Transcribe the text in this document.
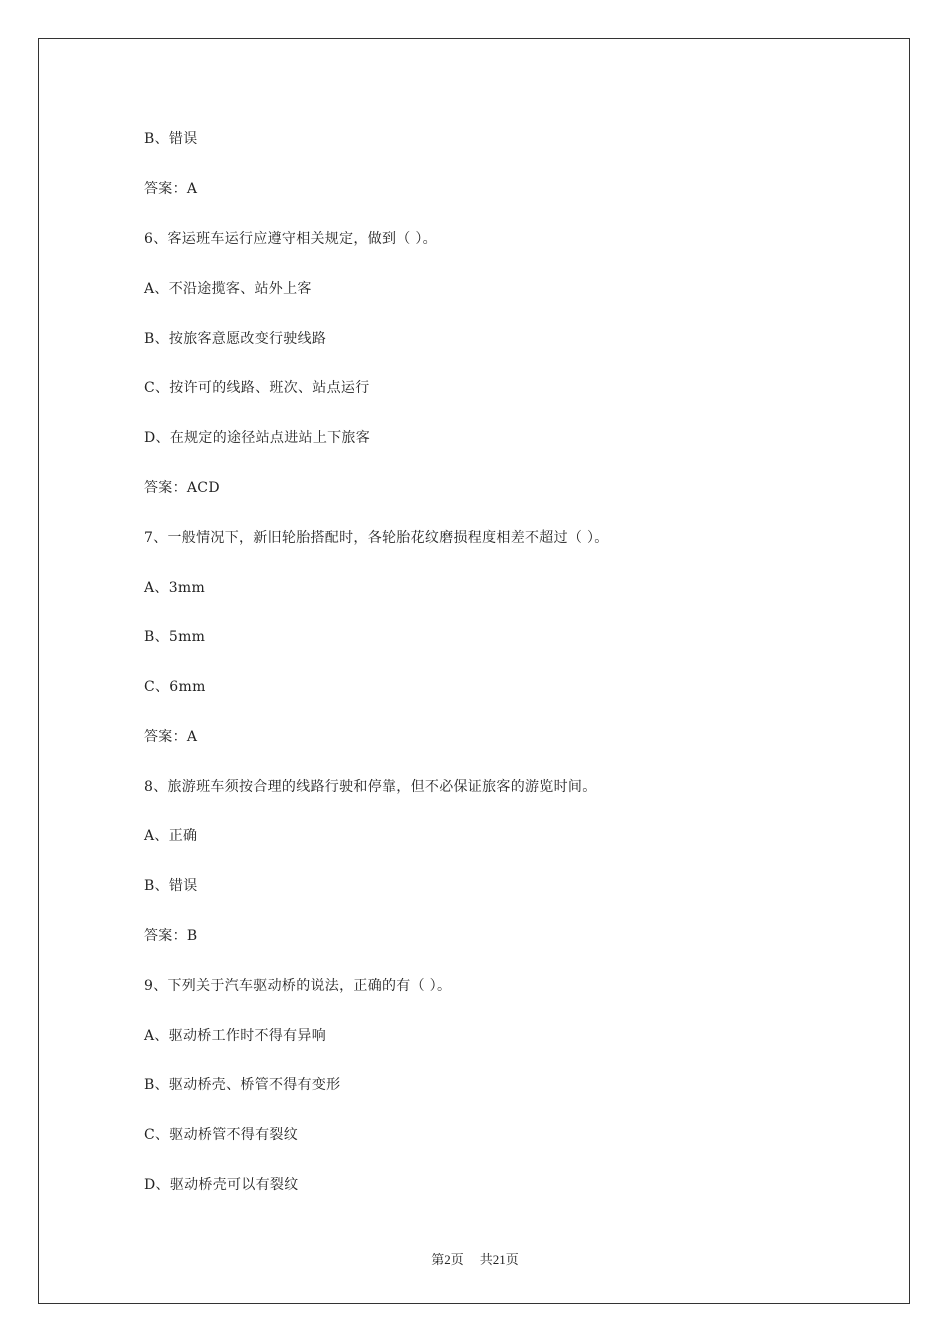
B、错误
答案：A
6、客运班车运行应遵守相关规定，做到（ ）。
A、不沿途揽客、站外上客
B、按旅客意愿改变行驶线路
C、按许可的线路、班次、站点运行
D、在规定的途径站点进站上下旅客
答案：ACD
7、一般情况下，新旧轮胎搭配时，各轮胎花纹磨损程度相差不超过（ ）。
A、3mm
B、5mm
C、6mm
答案：A
8、旅游班车须按合理的线路行驶和停靠，但不必保证旅客的游览时间。
A、正确
B、错误
答案：B
9、下列关于汽车驱动桥的说法，正确的有（ ）。
A、驱动桥工作时不得有异响
B、驱动桥壳、桥管不得有变形
C、驱动桥管不得有裂纹
D、驱动桥壳可以有裂纹
第2页 共21页
